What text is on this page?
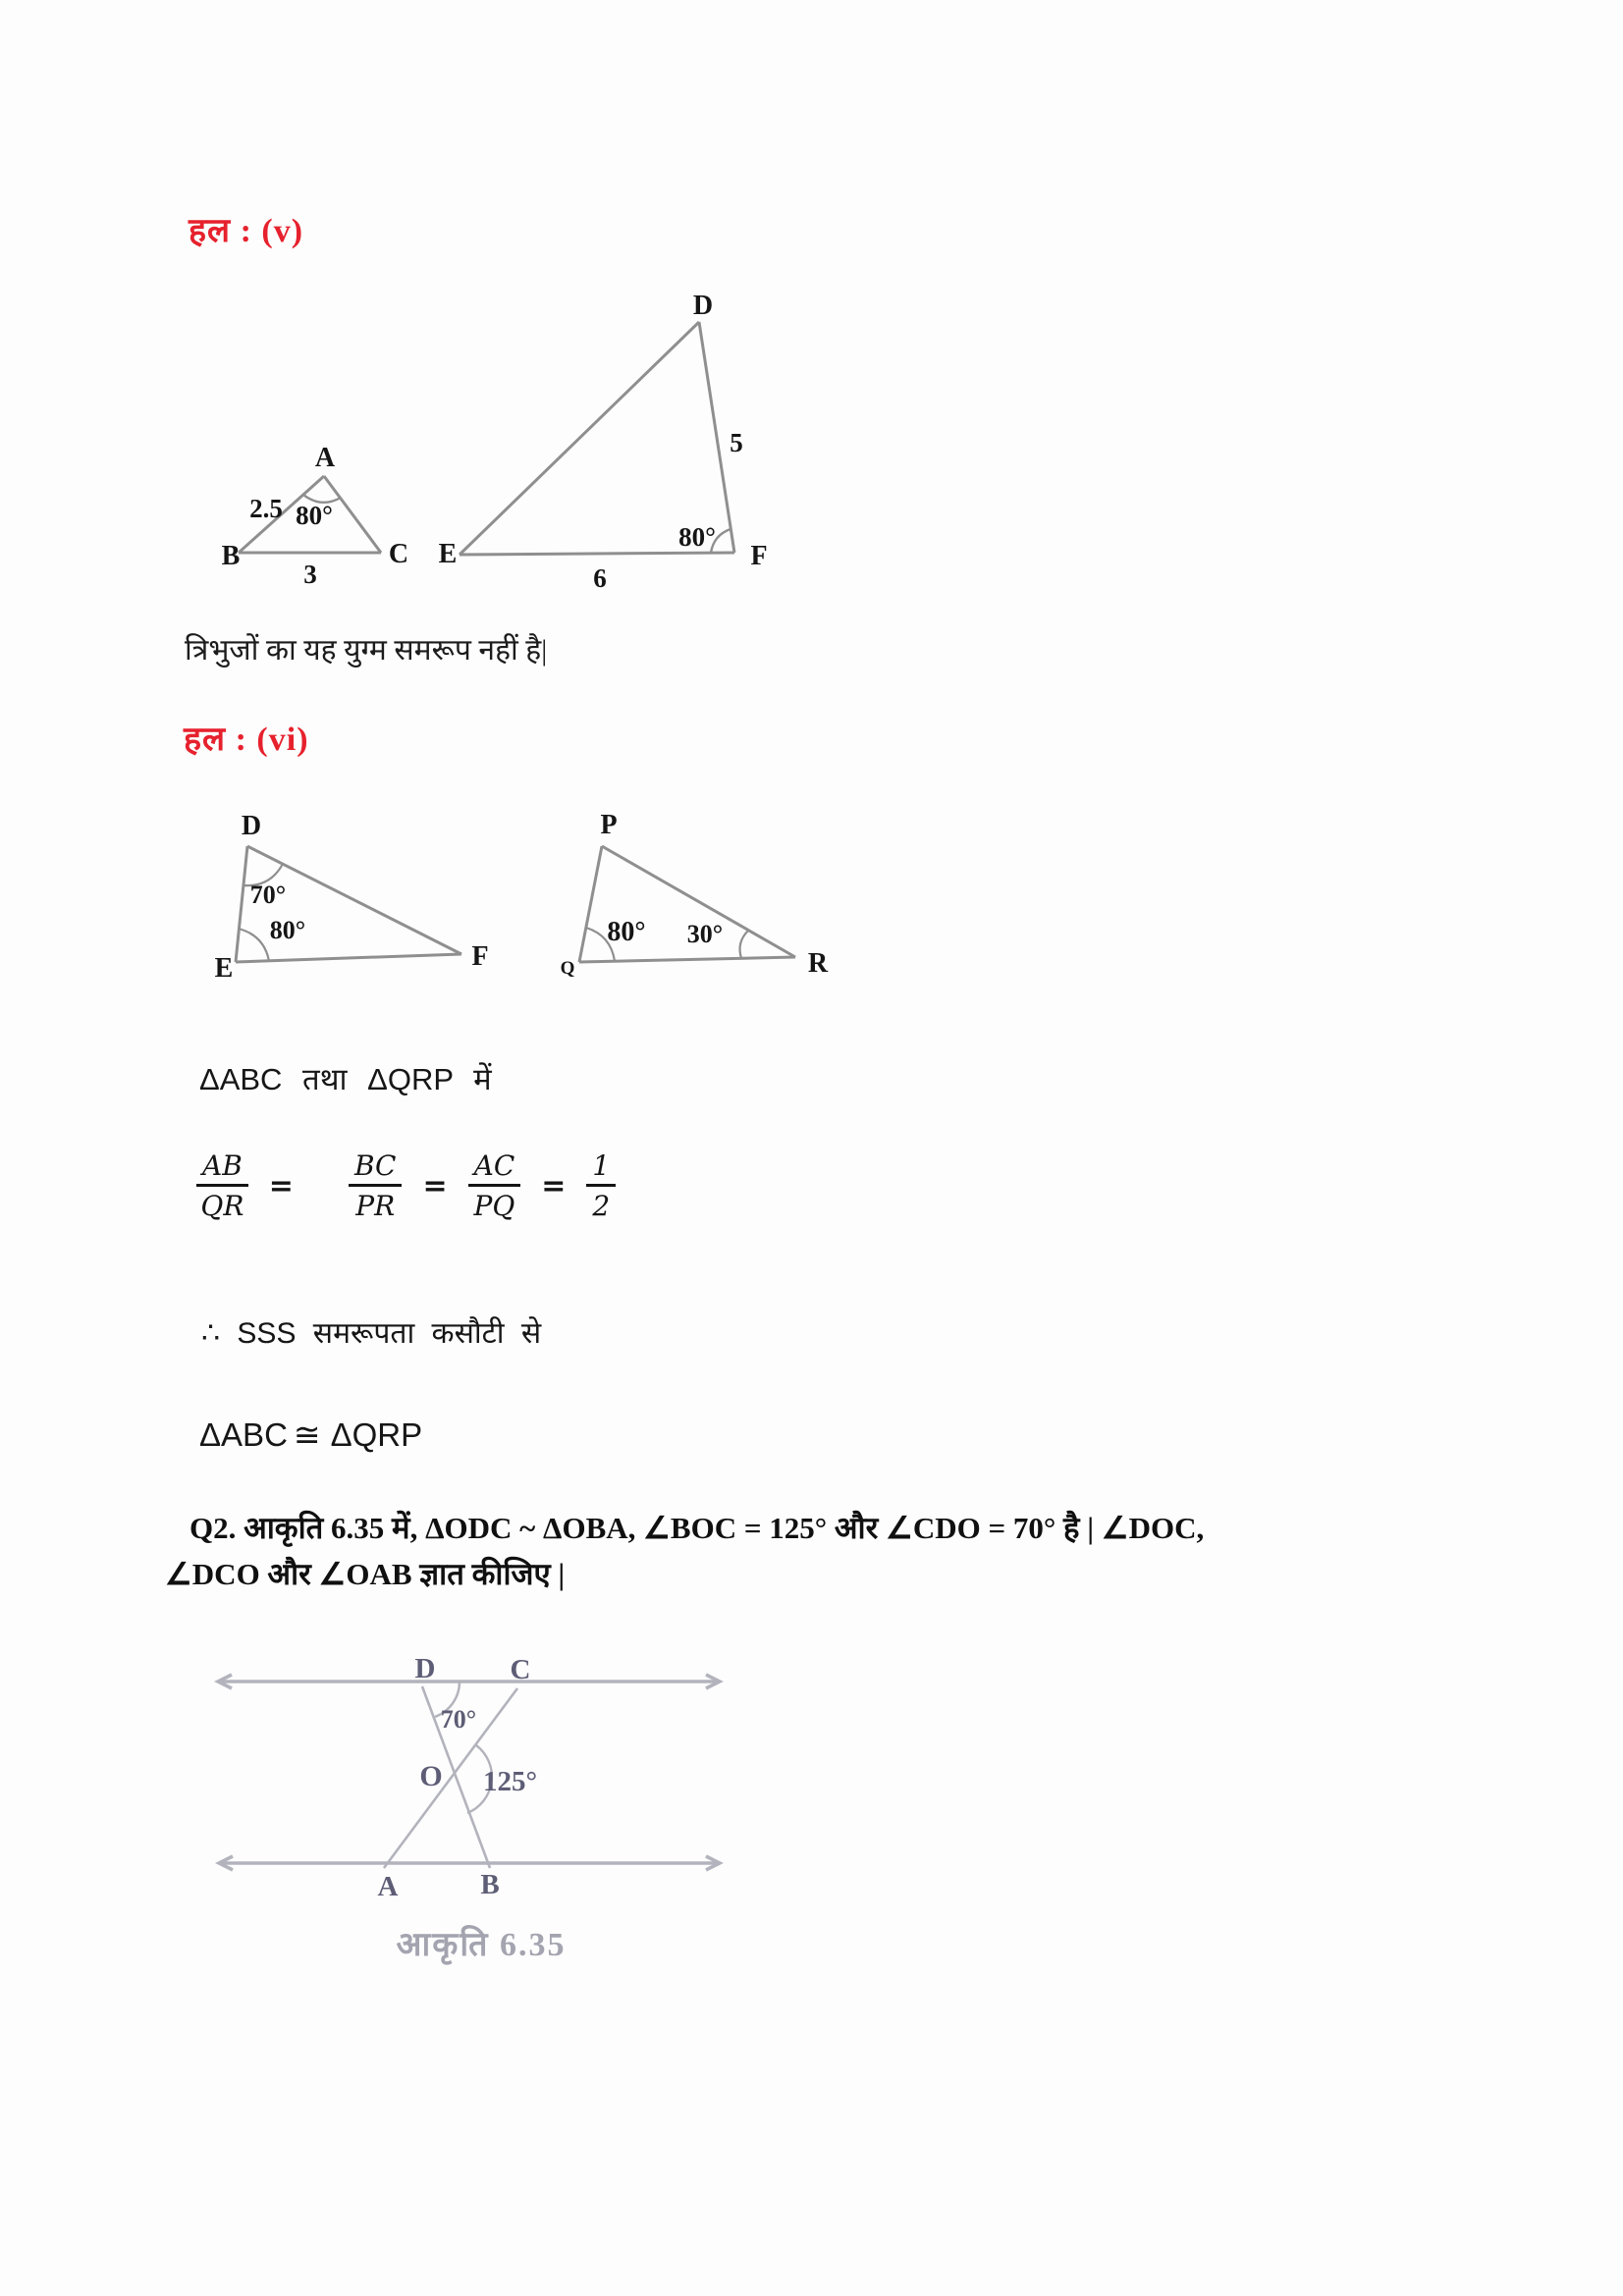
हल : (v)
A
B	C
2.5 80°
3
D
E	F
5
80°
6
त्रिभुजों का यह युग्म समरूप नहीं है|
हल : (vi)
D
70°
80°
E	F
P
Q	R
80° 30°
ΔABC तथा ΔQRP में
$\frac{AB}{QR} = \frac{BC}{PR} = \frac{AC}{PQ} = \frac{1}{2}$
∴ SSS समरूपता कसौटी से
ΔABC ≅ ΔQRP
Q2. आकृति 6.35 में, ΔODC ~ ΔOBA, ∠BOC = 125° और ∠CDO = 70° है | ∠DOC,
∠DCO और ∠OAB ज्ञात कीजिए |
D	C
70°
O 125°
A	B
आकृति 6.35
